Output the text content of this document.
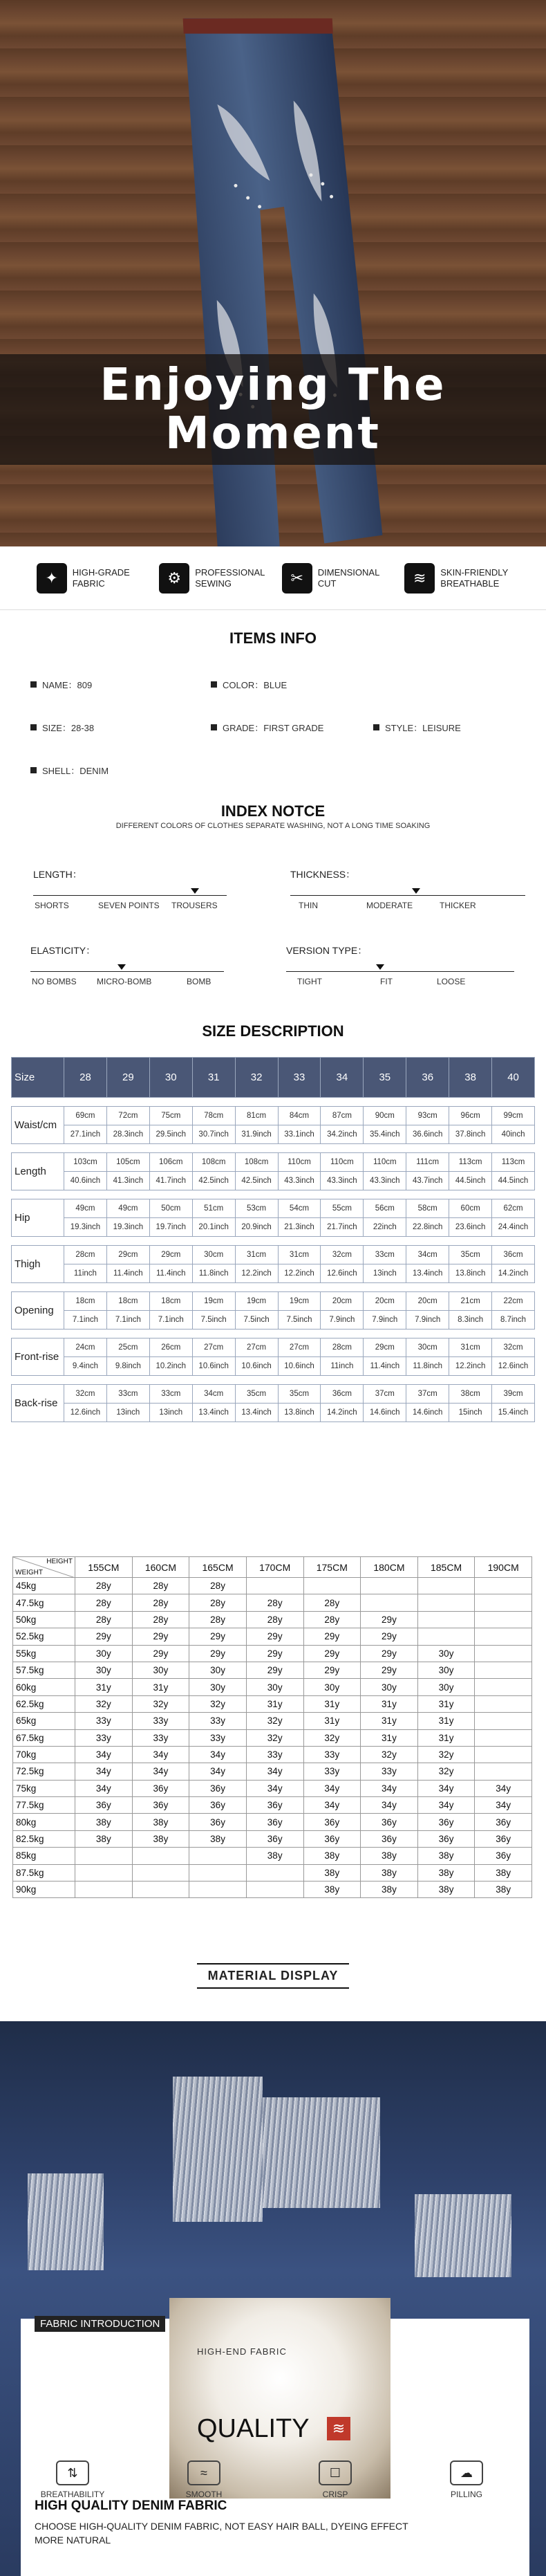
Enjoying The
Moment
✦	HIGH-GRADE
FABRIC	⚙	PROFESSIONAL
SEWING	✂	DIMENSIONAL
CUT	≋	SKIN-FRIENDLY
BREATHABLE
ITEMS INFO
NAME：809	COLOR：BLUE
SIZE：28-38	GRADE：FIRST GRADE	STYLE：LEISURE
SHELL：DENIM
INDEX NOTCE
DIFFERENT COLORS OF CLOTHES SEPARATE WASHING, NOT A LONG TIME SOAKING
LENGTH：
SHORTS	SEVEN POINTS TROUSERS
THICKNESS：
THIN	MODERATE	THICKER
ELASTICITY：
NO BOMBS MICRO-BOMB	BOMB
VERSION TYPE：
TIGHT	FIT	LOOSE
SIZE DESCRIPTION
Size	28	29	30	31	32	33	34	35	36	38	40

Waist/cm	69cm	72cm	75cm	78cm	81cm	84cm	87cm	90cm	93cm	96cm	99cm
	27.1inch	28.3inch	29.5inch	30.7inch	31.9inch	33.1inch	34.2inch	35.4inch	36.6inch	37.8inch	40inch

Length	103cm	105cm	106cm	108cm	108cm	110cm	110cm	110cm	111cm	113cm	113cm
	40.6inch	41.3inch	41.7inch	42.5inch	42.5inch	43.3inch	43.3inch	43.3inch	43.7inch	44.5inch	44.5inch

Hip	49cm	49cm	50cm	51cm	53cm	54cm	55cm	56cm	58cm	60cm	62cm
	19.3inch	19.3inch	19.7inch	20.1inch	20.9inch	21.3inch	21.7inch	22inch	22.8inch	23.6inch	24.4inch

Thigh	28cm	29cm	29cm	30cm	31cm	31cm	32cm	33cm	34cm	35cm	36cm
	11inch	11.4inch	11.4inch	11.8inch	12.2inch	12.2inch	12.6inch	13inch	13.4inch	13.8inch	14.2inch

Opening	18cm	18cm	18cm	19cm	19cm	19cm	20cm	20cm	20cm	21cm	22cm
	7.1inch	7.1inch	7.1inch	7.5inch	7.5inch	7.5inch	7.9inch	7.9inch	7.9inch	8.3inch	8.7inch

Front-rise	24cm	25cm	26cm	27cm	27cm	27cm	28cm	29cm	30cm	31cm	32cm
	9.4inch	9.8inch	10.2inch	10.6inch	10.6inch	10.6inch	11inch	11.4inch	11.8inch	12.2inch	12.6inch

Back-rise	32cm	33cm	33cm	34cm	35cm	35cm	36cm	37cm	37cm	38cm	39cm
	12.6inch	13inch	13inch	13.4inch	13.4inch	13.8inch	14.2inch	14.6inch	14.6inch	15inch	15.4inch
HEIGHT
WEIGHT	155CM	160CM	165CM	170CM	175CM	180CM	185CM	190CM
45kg	28y	28y	28y					
47.5kg	28y	28y	28y	28y	28y			
50kg	28y	28y	28y	28y	28y	29y		
52.5kg	29y	29y	29y	29y	29y	29y		
55kg	30y	29y	29y	29y	29y	29y	30y	
57.5kg	30y	30y	30y	29y	29y	29y	30y	
60kg	31y	31y	30y	30y	30y	30y	30y	
62.5kg	32y	32y	32y	31y	31y	31y	31y	
65kg	33y	33y	33y	32y	31y	31y	31y	
67.5kg	33y	33y	33y	32y	32y	31y	31y	
70kg	34y	34y	34y	33y	33y	32y	32y	
72.5kg	34y	34y	34y	34y	33y	33y	32y	
75kg	34y	36y	36y	34y	34y	34y	34y	34y
77.5kg	36y	36y	36y	36y	34y	34y	34y	34y
80kg	38y	38y	36y	36y	36y	36y	36y	36y
82.5kg	38y	38y	38y	36y	36y	36y	36y	36y
85kg				38y	38y	38y	38y	36y
87.5kg					38y	38y	38y	38y
90kg					38y	38y	38y	38y
MATERIAL DISPLAY
HIGH-END FABRIC
QUALITY	≋
FABRIC INTRODUCTION
⇅
BREATHABILITY
≈
SMOOTH
☐
CRISP
☁
PILLING
HIGH QUALITY DENIM FABRIC
CHOOSE HIGH-QUALITY DENIM FABRIC, NOT EASY HAIR BALL, DYEING EFFECT MORE NATURAL
